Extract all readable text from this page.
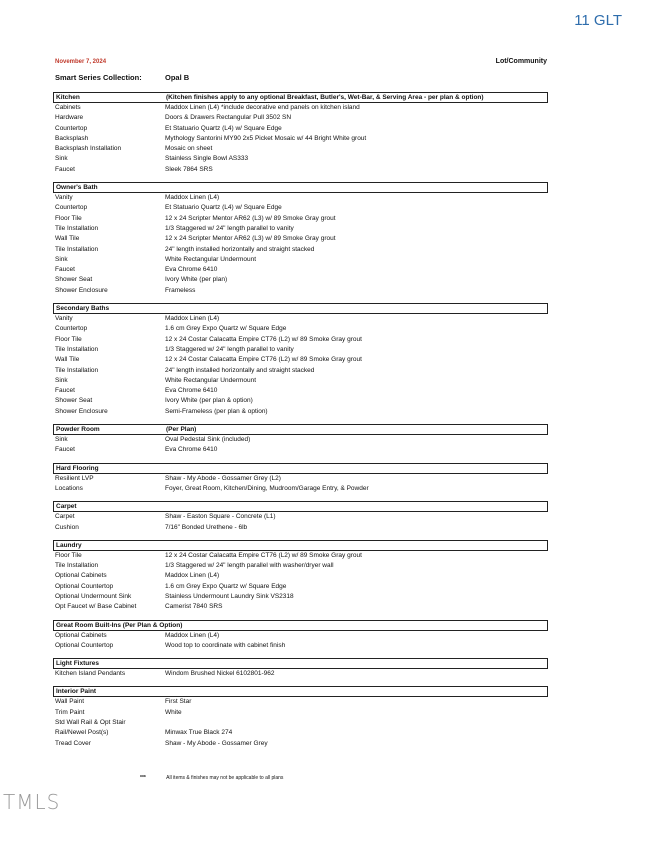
11 GLT
November 7, 2024	Lot/Community
Smart Series Collection:	Opal B
Kitchen	(Kitchen finishes apply to any optional Breakfast, Butler's, Wet-Bar, & Serving Area - per plan & option)
Cabinets	Maddox Linen (L4) *include decorative end panels on kitchen island
Hardware	Doors & Drawers Rectangular Pull 3502 SN
Countertop	Et Statuario Quartz (L4) w/ Square Edge
Backsplash	Mythology Santorini MY90 2x5 Picket Mosaic w/ 44 Bright White grout
Backsplash Installation	Mosaic on sheet
Sink	Stainless Single Bowl AS333
Faucet	Sleek 7864 SRS
Owner's Bath
Vanity	Maddox Linen (L4)
Countertop	Et Statuario Quartz (L4) w/ Square Edge
Floor Tile	12 x 24 Scripter Mentor AR62 (L3) w/ 89 Smoke Gray grout
Tile Installation	1/3 Staggered w/ 24" length parallel to vanity
Wall Tile	12 x 24 Scripter Mentor AR62 (L3) w/ 89 Smoke Gray grout
Tile Installation	24" length installed horizontally and straight stacked
Sink	White Rectangular Undermount
Faucet	Eva Chrome 6410
Shower Seat	Ivory White (per plan)
Shower Enclosure	Frameless
Secondary Baths
Vanity	Maddox Linen (L4)
Countertop	1.6 cm Grey Expo Quartz w/ Square Edge
Floor Tile	12 x 24 Costar Calacatta Empire CT76 (L2) w/ 89 Smoke Gray grout
Tile Installation	1/3 Staggered w/ 24" length parallel to vanity
Wall Tile	12 x 24 Costar Calacatta Empire CT76 (L2) w/ 89 Smoke Gray grout
Tile Installation	24" length installed horizontally and straight stacked
Sink	White Rectangular Undermount
Faucet	Eva Chrome 6410
Shower Seat	Ivory White (per plan & option)
Shower Enclosure	Semi-Frameless (per plan & option)
Powder Room	(Per Plan)
Sink	Oval Pedestal Sink (included)
Faucet	Eva Chrome 6410
Hard Flooring
Resilient LVP	Shaw - My Abode - Gossamer Grey (L2)
Locations	Foyer, Great Room, Kitchen/Dining, Mudroom/Garage Entry, & Powder
Carpet
Carpet	Shaw - Easton Square - Concrete (L1)
Cushion	7/16" Bonded Urethene - 6lb
Laundry
Floor Tile	12 x 24 Costar Calacatta Empire CT76 (L2) w/ 89 Smoke Gray grout
Tile Installation	1/3 Staggered w/ 24" length parallel with washer/dryer wall
Optional Cabinets	Maddox Linen (L4)
Optional Countertop	1.6 cm Grey Expo Quartz w/ Square Edge
Optional Undermount Sink	Stainless Undermount Laundry Sink VS2318
Opt Faucet w/ Base Cabinet	Camerist 7840 SRS
Great Room Built-Ins (Per Plan & Option)
Optional Cabinets	Maddox Linen (L4)
Optional Countertop	Wood top to coordinate with cabinet finish
Light Fixtures
Kitchen Island Pendants	Windom Brushed Nickel 6102801-962
Interior Paint
Wall Paint	First Star
Trim Paint	White
Std Wall Rail & Opt Stair
Rail/Newel Post(s)	Minwax True Black 274
Tread Cover	Shaw - My Abode - Gossamer Grey
***	All items & finishes may not be applicable to all plans
TMLS
